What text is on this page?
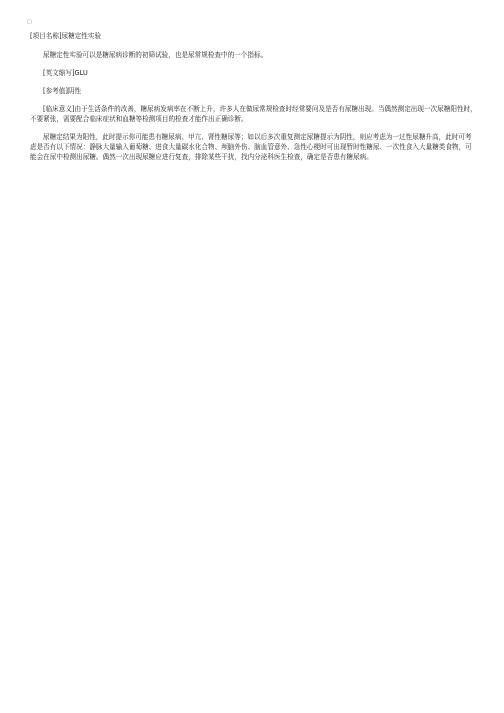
□

[项目名称]尿糖定性实验

尿糖定性实验可以是糖尿病诊断的初筛试验，也是尿常规检查中的一个指标。

[英文缩写]GLU

[参考值]阴性

[临床意义]由于生活条件的改善，糖尿病发病率在不断上升，许多人在做尿常规检查时经常要问及是否有尿糖出现。当偶然测定出现一次尿糖阳性时，不要紧张，需要配合临床症状和血糖等检测项目的检查才能作出正确诊断。

尿糖定结果为阳性，此时提示你可能患有糖尿病、甲亢、肾性糖尿等；如以后多次重复测定尿糖提示为阴性，则应考虑为一过性尿糖升高，此时可考虑是否有以下情况：静脉大量输入葡萄糖、进食大量碳水化合物、颅脑外伤、脑血管意外、急性心梗时可出现暂时性糖尿、一次性食入大量糖类食物，可能会在尿中检测出尿糖。偶然一次出现尿糖应进行复查，排除某些干扰，找内分泌科医生检查，确定是否患有糖尿病。
